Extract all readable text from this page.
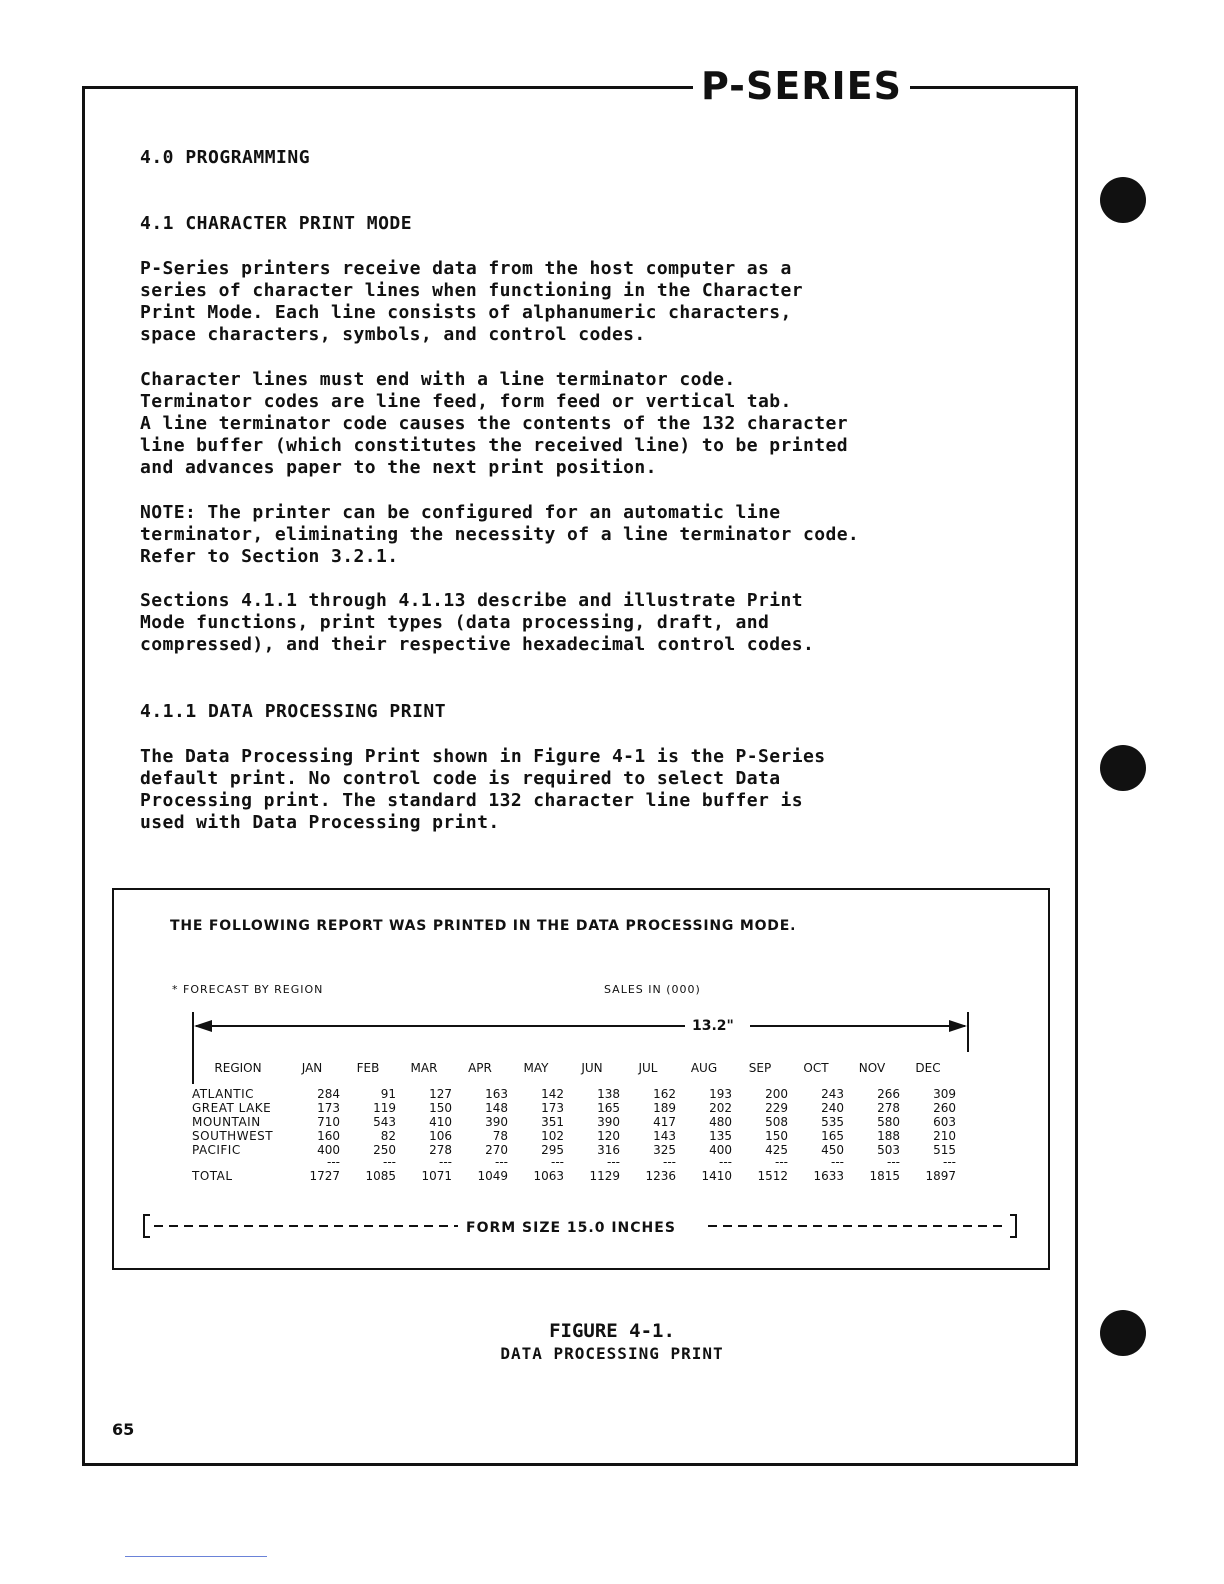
P-SERIES
4.0 PROGRAMMING
4.1 CHARACTER PRINT MODE
P-Series printers receive data from the host computer as a
series of character lines when functioning in the Character
Print Mode. Each line consists of alphanumeric characters,
space characters, symbols, and control codes.
Character lines must end with a line terminator code.
Terminator codes are line feed, form feed or vertical tab.
A line terminator code causes the contents of the 132 character
line buffer (which constitutes the received line) to be printed
and advances paper to the next print position.
NOTE: The printer can be configured for an automatic line
terminator, eliminating the necessity of a line terminator code.
Refer to Section 3.2.1.
Sections 4.1.1 through 4.1.13 describe and illustrate Print
Mode functions, print types (data processing, draft, and
compressed), and their respective hexadecimal control codes.
4.1.1 DATA PROCESSING PRINT
The Data Processing Print shown in Figure 4-1 is the P-Series
default print. No control code is required to select Data
Processing print. The standard 132 character line buffer is
used with Data Processing print.
THE FOLLOWING REPORT WAS PRINTED IN THE DATA PROCESSING MODE.
* FORECAST BY REGION	SALES IN (000)
13.2"
REGION	JAN	FEB	MAR	APR	MAY	JUN	JUL	AUG	SEP	OCT	NOV	DEC

ATLANTIC	284	91	127	163	142	138	162	193	200	243	266	309
GREAT LAKE	173	119	150	148	173	165	189	202	229	240	278	260
MOUNTAIN	710	543	410	390	351	390	417	480	508	535	580	603
SOUTHWEST	160	82	106	78	102	120	143	135	150	165	188	210
PACIFIC	400	250	278	270	295	316	325	400	425	450	503	515
	---	---	---	---	---	---	---	---	---	---	---	---
TOTAL	1727	1085	1071	1049	1063	1129	1236	1410	1512	1633	1815	1897
FORM SIZE 15.0 INCHES
FIGURE 4-1.
DATA PROCESSING PRINT
65
